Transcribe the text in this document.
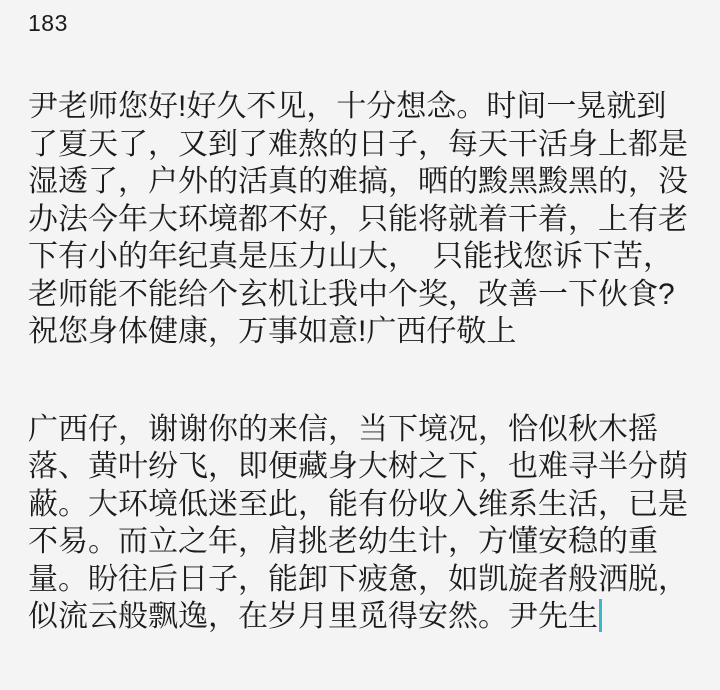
183
尹老师您好!好久不见，十分想念。时间一晃就到
了夏天了，又到了难熬的日子，每天干活身上都是
湿透了，户外的活真的难搞，晒的黢黑黢黑的，没
办法今年大环境都不好，只能将就着干着，上有老
下有小的年纪真是压力山大，　只能找您诉下苦，
老师能不能给个玄机让我中个奖，改善一下伙食?
祝您身体健康，万事如意!广西仔敬上
广西仔，谢谢你的来信，当下境况，恰似秋木摇
落、黄叶纷飞，即便藏身大树之下，也难寻半分荫
蔽。大环境低迷至此，能有份收入维系生活，已是
不易。而立之年，肩挑老幼生计，方懂安稳的重
量。盼往后日子，能卸下疲惫，如凯旋者般洒脱，
似流云般飘逸，在岁月里觅得安然。尹先生
